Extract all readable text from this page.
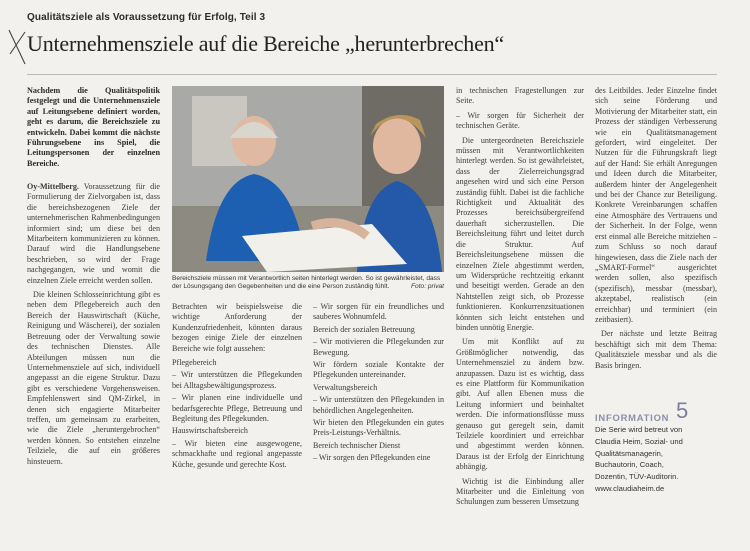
Qualitätsziele als Voraussetzung für Erfolg, Teil 3
Unternehmensziele auf die Bereiche „herunterbrechen“
Nachdem die Qualitätspolitik festgelegt und die Unternehmensziele auf Leitungsebene definiert worden, geht es darum, die Bereichsziele zu entwickeln. Dabei kommt die nächste Führungsebene ins Spiel, die Leitungspersonen der einzelnen Bereiche.

Oy-Mittelberg. Voraussetzung für die Formulierung der Zielvorgaben ist, dass die bereichsbezogenen Ziele der unternehmerischen Rahmenbedingungen informiert sind; um diese bei den Mitarbeitern kommunizieren zu können. Darauf wird die Handlungsebene beschrieben, so wird der Frage nachgegangen, wie und womit die einzelnen Ziele erreicht werden sollen.

Die kleinen Schlosseinrichtung gibt es neben dem Pflegebereich auch den Bereich der Hauswirtschaft (Küche, Reinigung und Wäscherei), der sozialen Betreuung oder der Verwaltung sowie des technischen Dienstes. Alle Abteilungen müssen nun die Unternehmensziele auf sich, individuell angepasst an die eigene Struktur. Dazu gibt es verschiedene Vorgehensweisen. Empfehlenswert sind QM-Zirkel, in denen sich engagierte Mitarbeiter treffen, um gemeinsam zu erarbeiten, wie die Ziele „heruntergebrochen“ werden können. So entstehen einzelne Teilziele, die auf ein größeres hinsteuern.

Bereichsziele müssen mit Verantwortlich seiten hinterlegt werden. So ist gewährleistet, dass der Lösungsgang den Gegebenheiten und die eine Person zuständig fühlt.	Foto: privat

Betrachten wir beispielsweise die wichtige Anforderung der Kundenzufriedenheit, könnten daraus bezogen einige Ziele der einzelnen Bereiche wie folgt aussehen:

Pflegebereich
– Wir unterstützen die Pflegekunden bei Alltagsbewältigungsprozess.
– Wir planen eine individuelle und bedarfsgerechte Pflege, Betreuung und Begleitung des Pflegekunden.
Hauswirtschaftsbereich
– Wir bieten eine ausgewogene, schmackhafte und regional angepasste Küche, gesunde und gerechte Kost.
– Wir sorgen für ein freundliches und sauberes Wohnumfeld.
Bereich der sozialen Betreuung
– Wir motivieren die Pflegekunden zur Bewegung.
Wir fördern soziale Kontakte der Pflegekunden untereinander.
Verwaltungsbereich
– Wir unterstützen den Pflegekunden in behördlichen Angelegenheiten.
Wir bieten den Pflegekunden ein gutes Preis-Leistungs-Verhältnis.
Bereich technischer Dienst
– Wir sorgen den Pflegekunden eine

in technischen Fragestellungen zur Seite.

– Wir sorgen für Sicherheit der technischen Geräte.

Die untergeordneten Bereichsziele müssen mit Verantwortlichkeiten hinterlegt werden. So ist gewährleistet, dass der Zielerreichungsgrad angesehen wird und sich eine Person zuständig fühlt. Dabei ist die fachliche Richtigkeit und Aktualität des Prozesses bereichsübergreifend dauerhaft sicherzustellen. Die Bereichsleitung führt und leitet durch die Struktur. Auf Bereichsleitungsebene müssen die einzelnen Ziele abgestimmt werden, um Widersprüche rechtzeitig erkannt und beseitigt werden. Gerade an den Nahtstellen zeigt sich, ob Prozesse funktionieren. Konkurrenzsituationen könnten sich leicht entstehen und binden unnötig Energie.

Um mit Konflikt auf zu Größtmöglicher notwendig, das Unternehmensziel zu ändern bzw. anzupassen. Dazu ist es wichtig, dass es eine Plattform für Kommunikation gibt. Auf allen Ebenen muss die Leitung informiert und beinhaltet werden. Die informationsflüsse muss genauso gut geregelt sein, damit Teilziele koordiniert und erreichbar und abgestimmt werden können. Daraus ist der Erfolg der Einrichtung abhängig.

Wichtig ist die Einbindung aller Mitarbeiter und die Einleitung von Schulungen zum besseren Umsetzung

des Leitbildes. Jeder Einzelne findet sich seine Förderung und Motivierung der Mitarbeiter statt, ein Prozess der ständigen Verbesserung wie ein Qualitätsmanagement gefordert, wird eingeleitet. Der Nutzen für die Führungskraft liegt auf der Hand: Sie erhält Anregungen und Ideen durch die Mitarbeiter, außerdem hinter der Angelegenheit und bei der Chance zur Beteiligung. Konkrete Vereinbarungen schaffen eine Atmosphäre des Vertrauens und der Sicherheit. In der Folge, wenn erst einmal alle Bereiche mitziehen – zum Schluss so noch darauf hingewiesen, dass die Ziele nach der „SMART-Formel“ ausgerichtet werden sollen, also spezifisch (spezifisch), messbar (messbar), akzeptabel, realistisch (ein erreichbar) und terminiert (ein zeitbasiert).

Der nächste und letzte Beitrag beschäftigt sich mit dem Thema: Qualitätsziele messbar und als die Basis bringen.

INFORMATION 5
Die Serie wird betreut von
Claudia Heim, Sozial- und
Qualitätsmanagerin,
Buchautorin, Coach,
Dozentin, TÜV-Auditorin.
www.claudiaheim.de
